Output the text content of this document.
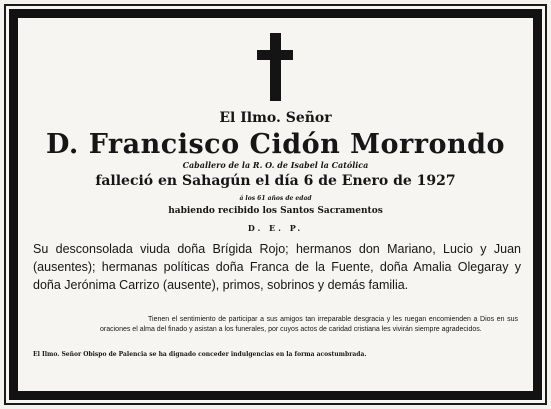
El Ilmo. Señor
D. Francisco Cidón Morrondo
Caballero de la R. O. de Isabel la Católica
falleció en Sahagún el día 6 de Enero de 1927
á los 61 años de edad
habiendo recibido los Santos Sacramentos
D. E. P.

Su desconsolada viuda doña Brígida Rojo; hermanos don Mariano, Lucio y Juan (ausentes); hermanas políticas doña Franca de la Fuente, doña Amalia Olegaray y doña Jerónima Carrizo (ausente), primos, sobrinos y demás familia.

Tienen el sentimiento de participar a sus amigos tan irreparable desgracia y les ruegan encomienden a Dios en sus oraciones el alma del finado y asistan a los funerales, por cuyos actos de caridad cristiana les vivirán siempre agradecidos.

El Ilmo. Señor Obispo de Palencia se ha dignado conceder indulgencias en la forma acostumbrada.
